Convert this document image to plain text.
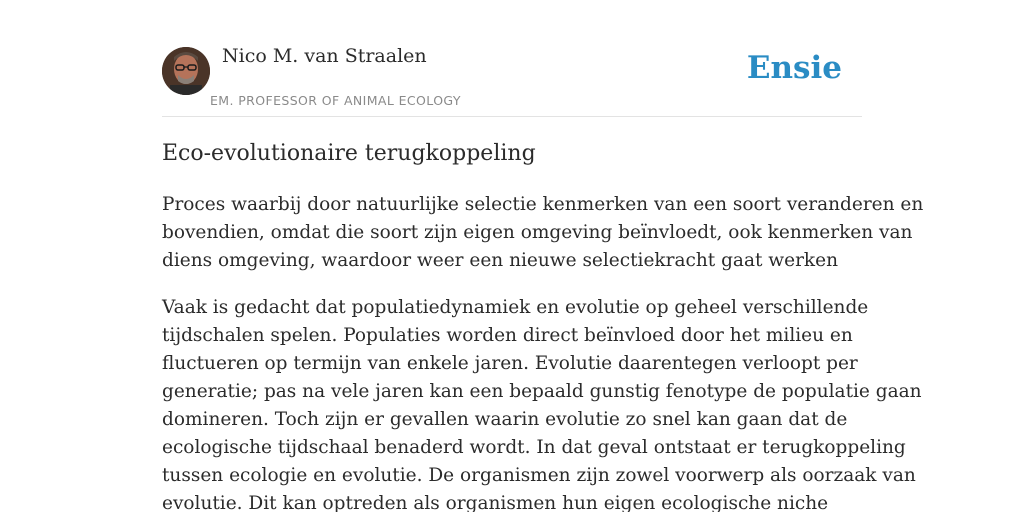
Nico M. van Straalen
EM. PROFESSOR OF ANIMAL ECOLOGY
Ensie
Eco-evolutionaire terugkoppeling

Proces waarbij door natuurlijke selectie kenmerken van een soort veranderen en
bovendien, omdat die soort zijn eigen omgeving beïnvloedt, ook kenmerken van
diens omgeving, waardoor weer een nieuwe selectiekracht gaat werken

Vaak is gedacht dat populatiedynamiek en evolutie op geheel verschillende
tijdschalen spelen. Populaties worden direct beïnvloed door het milieu en
fluctueren op termijn van enkele jaren. Evolutie daarentegen verloopt per
generatie; pas na vele jaren kan een bepaald gunstig fenotype de populatie gaan
domineren. Toch zijn er gevallen waarin evolutie zo snel kan gaan dat de
ecologische tijdschaal benaderd wordt. In dat geval ontstaat er terugkoppeling
tussen ecologie en evolutie. De organismen zijn zowel voorwerp als oorzaak van
evolutie. Dit kan optreden als organismen hun eigen ecologische niche
